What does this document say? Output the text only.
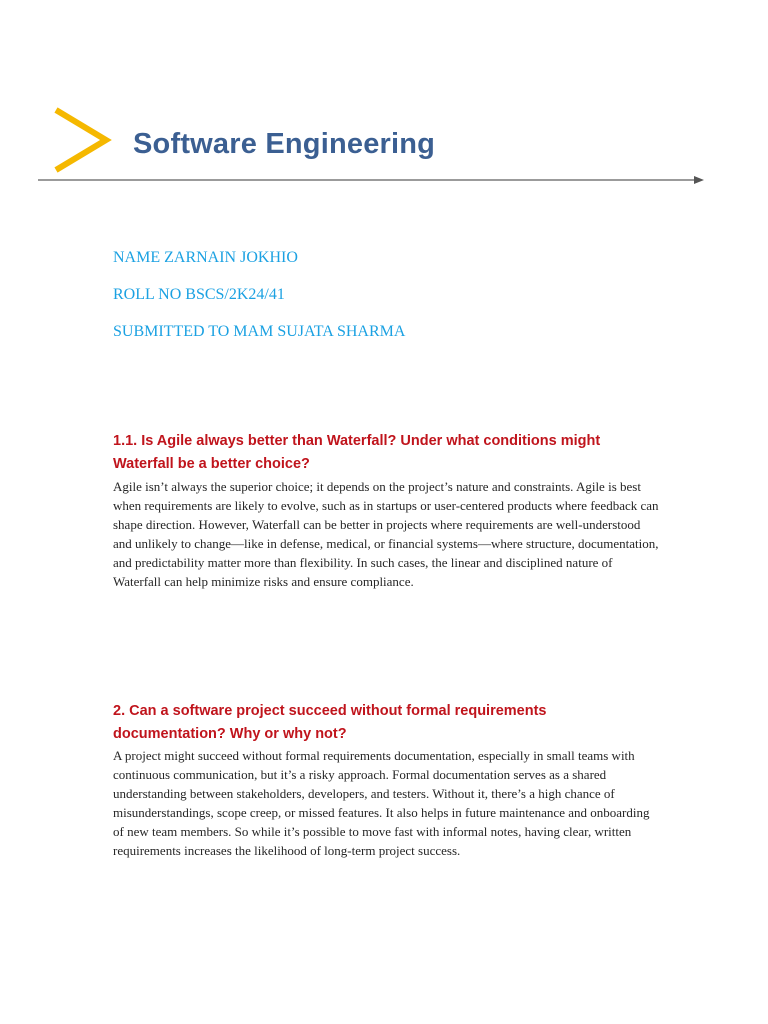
Software Engineering
NAME ZARNAIN JOKHIO
ROLL NO BSCS/2K24/41
SUBMITTED TO MAM SUJATA SHARMA
1.1. Is Agile always better than Waterfall? Under what conditions might Waterfall be a better choice?

Agile isn’t always the superior choice; it depends on the project’s nature and constraints. Agile is best when requirements are likely to evolve, such as in startups or user-centered products where feedback can shape direction. However, Waterfall can be better in projects where requirements are well-understood and unlikely to change—like in defense, medical, or financial systems—where structure, documentation, and predictability matter more than flexibility. In such cases, the linear and disciplined nature of Waterfall can help minimize risks and ensure compliance.

2. Can a software project succeed without formal requirements documentation? Why or why not?

A project might succeed without formal requirements documentation, especially in small teams with continuous communication, but it’s a risky approach. Formal documentation serves as a shared understanding between stakeholders, developers, and testers. Without it, there’s a high chance of misunderstandings, scope creep, or missed features. It also helps in future maintenance and onboarding of new team members. So while it’s possible to move fast with informal notes, having clear, written requirements increases the likelihood of long-term project success.
